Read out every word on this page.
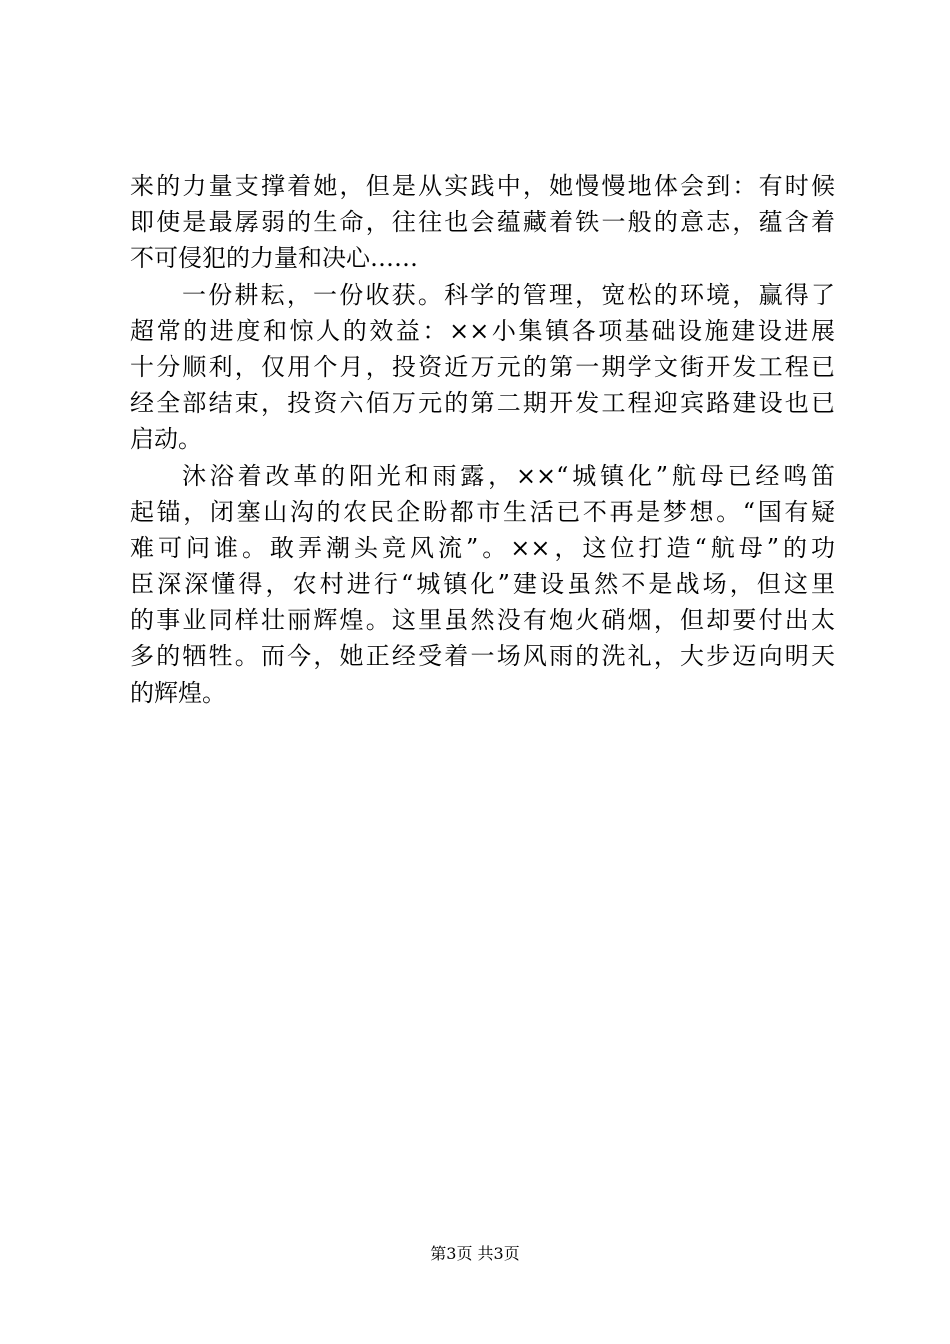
来的力量支撑着她，但是从实践中，她慢慢地体会到：有时候
即使是最孱弱的生命，往往也会蕴藏着铁一般的意志，蕴含着
不可侵犯的力量和决心……
一份耕耘，一份收获。科学的管理，宽松的环境，赢得了
超常的进度和惊人的效益：××小集镇各项基础设施建设进展
十分顺利，仅用个月，投资近万元的第一期学文街开发工程已
经全部结束，投资六佰万元的第二期开发工程迎宾路建设也已
启动。
沐浴着改革的阳光和雨露，××“城镇化”航母已经鸣笛
起锚，闭塞山沟的农民企盼都市生活已不再是梦想。“国有疑
难可问谁。敢弄潮头竞风流”。××，这位打造“航母”的功
臣深深懂得，农村进行“城镇化”建设虽然不是战场，但这里
的事业同样壮丽辉煌。这里虽然没有炮火硝烟，但却要付出太
多的牺牲。而今，她正经受着一场风雨的洗礼，大步迈向明天
的辉煌。
第3页 共3页
